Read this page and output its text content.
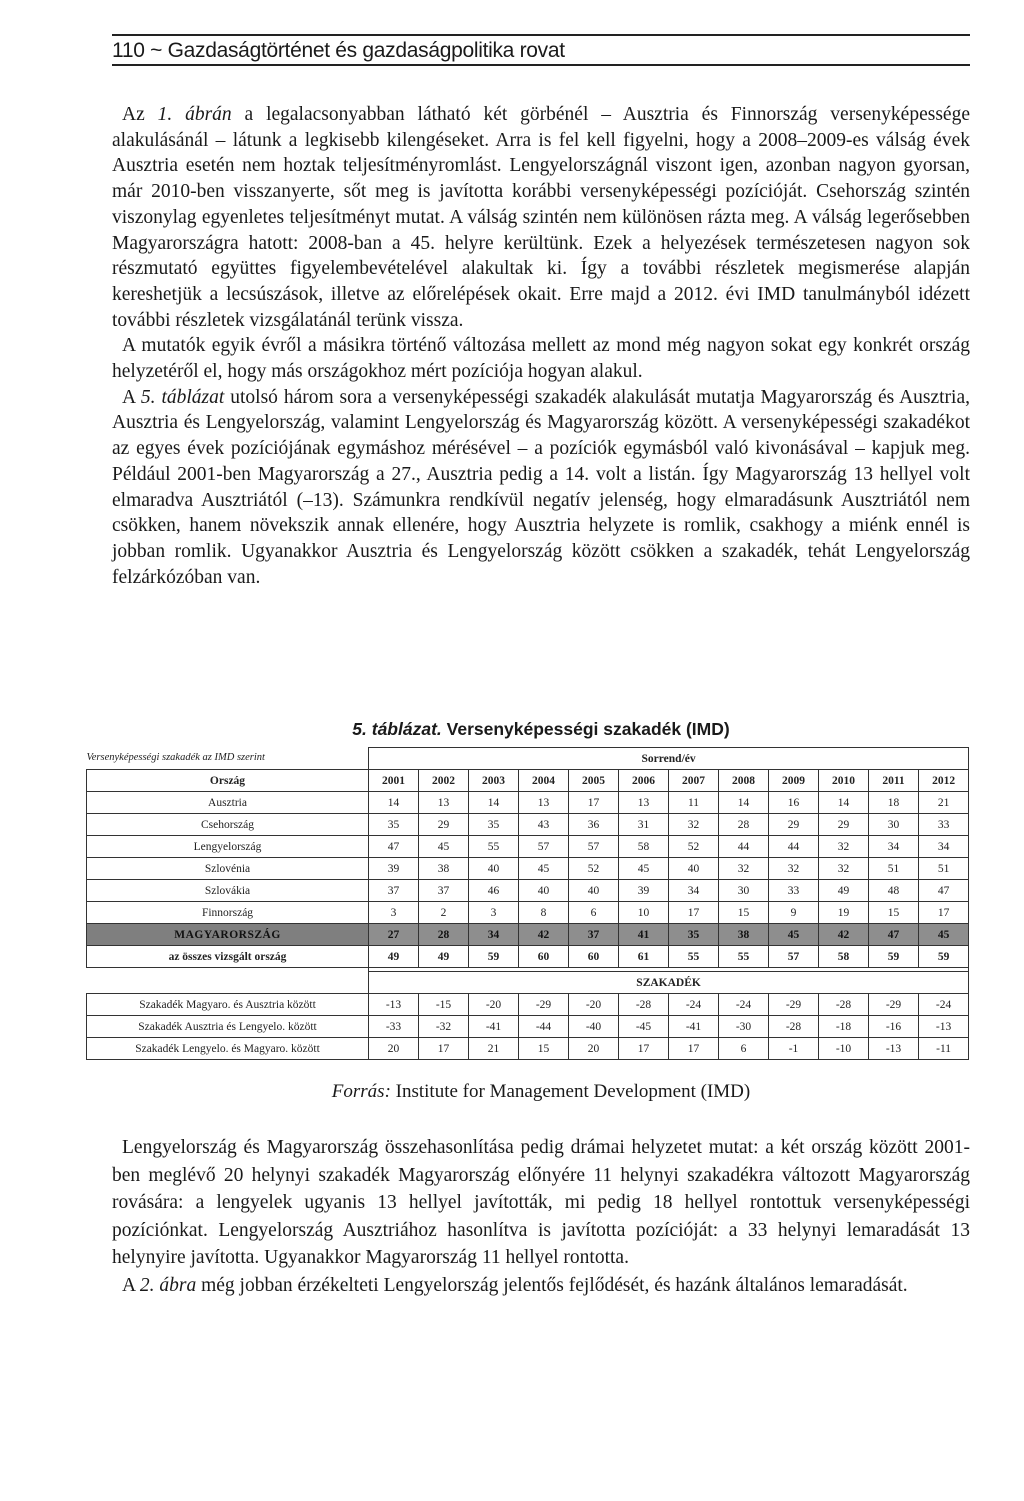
110 ~ Gazdaságtörténet és gazdaságpolitika rovat

Az 1. ábrán a legalacsonyabban látható két görbénél – Ausztria és Finnország versenyképessége alakulásánál – látunk a legkisebb kilengéseket. Arra is fel kell figyelni, hogy a 2008–2009-es válság évek Ausztria esetén nem hoztak teljesítményromlást. Lengyelországnál viszont igen, azonban nagyon gyorsan, már 2010-ben visszanyerte, sőt meg is javította korábbi versenyképességi pozícióját. Csehország szintén viszonylag egyenletes teljesítményt mutat. A válság szintén nem különösen rázta meg. A válság legerősebben Magyarországra hatott: 2008-ban a 45. helyre kerültünk. Ezek a helyezések természetesen nagyon sok részmutató együttes figyelembevételével alakultak ki. Így a további részletek megismerése alapján kereshetjük a lecsúszások, illetve az előrelépések okait. Erre majd a 2012. évi IMD tanulmányból idézett további részletek vizsgálatánál terünk vissza.

A mutatók egyik évről a másikra történő változása mellett az mond még nagyon sokat egy konkrét ország helyzetéről el, hogy más országokhoz mért pozíciója hogyan alakul.

A 5. táblázat utolsó három sora a versenyképességi szakadék alakulását mutatja Magyarország és Ausztria, Ausztria és Lengyelország, valamint Lengyelország és Magyarország között. A versenyképességi szakadékot az egyes évek pozíciójának egymáshoz mérésével – a pozíciók egymásból való kivonásával – kapjuk meg. Például 2001-ben Magyarország a 27., Ausztria pedig a 14. volt a listán. Így Magyarország 13 hellyel volt elmaradva Ausztriától (–13). Számunkra rendkívül negatív jelenség, hogy elmaradásunk Ausztriától nem csökken, hanem növekszik annak ellenére, hogy Ausztria helyzete is romlik, csakhogy a miénk ennél is jobban romlik. Ugyanakkor Ausztria és Lengyelország között csökken a szakadék, tehát Lengyelország felzárkózóban van.

5. táblázat. Versenyképességi szakadék (IMD)
Versenyképességi szakadék az IMD szerint	Sorrend/év											
Ország	2001	2002	2003	2004	2005	2006	2007	2008	2009	2010	2011	2012
Ausztria	14	13	14	13	17	13	11	14	16	14	18	21
Csehország	35	29	35	43	36	31	32	28	29	29	30	33
Lengyelország	47	45	55	57	57	58	52	44	44	32	34	34
Szlovénia	39	38	40	45	52	45	40	32	32	32	51	51
Szlovákia	37	37	46	40	40	39	34	30	33	49	48	47
Finnország	3	2	3	8	6	10	17	15	9	19	15	17
MAGYARORSZÁG	27	28	34	42	37	41	35	38	45	42	47	45
az összes vizsgált ország	49	49	59	60	60	61	55	55	57	58	59	59

	SZAKADÉK											
Szakadék Magyaro. és Ausztria között	-13	-15	-20	-29	-20	-28	-24	-24	-29	-28	-29	-24
Szakadék Ausztria és Lengyelo. között	-33	-32	-41	-44	-40	-45	-41	-30	-28	-18	-16	-13
Szakadék Lengyelo. és Magyaro. között	20	17	21	15	20	17	17	6	-1	-10	-13	-11
Forrás: Institute for Management Development (IMD)

Lengyelország és Magyarország összehasonlítása pedig drámai helyzetet mutat: a két ország között 2001-ben meglévő 20 helynyi szakadék Magyarország előnyére 11 helynyi szakadékra változott Magyarország rovására: a lengyelek ugyanis 13 hellyel javították, mi pedig 18 hellyel rontottuk versenyképességi pozíciónkat. Lengyelország Ausztriához hasonlítva is javította pozícióját: a 33 helynyi lemaradását 13 helynyire javította. Ugyanakkor Magyarország 11 hellyel rontotta.

A 2. ábra még jobban érzékelteti Lengyelország jelentős fejlődését, és hazánk általános lemaradását.
